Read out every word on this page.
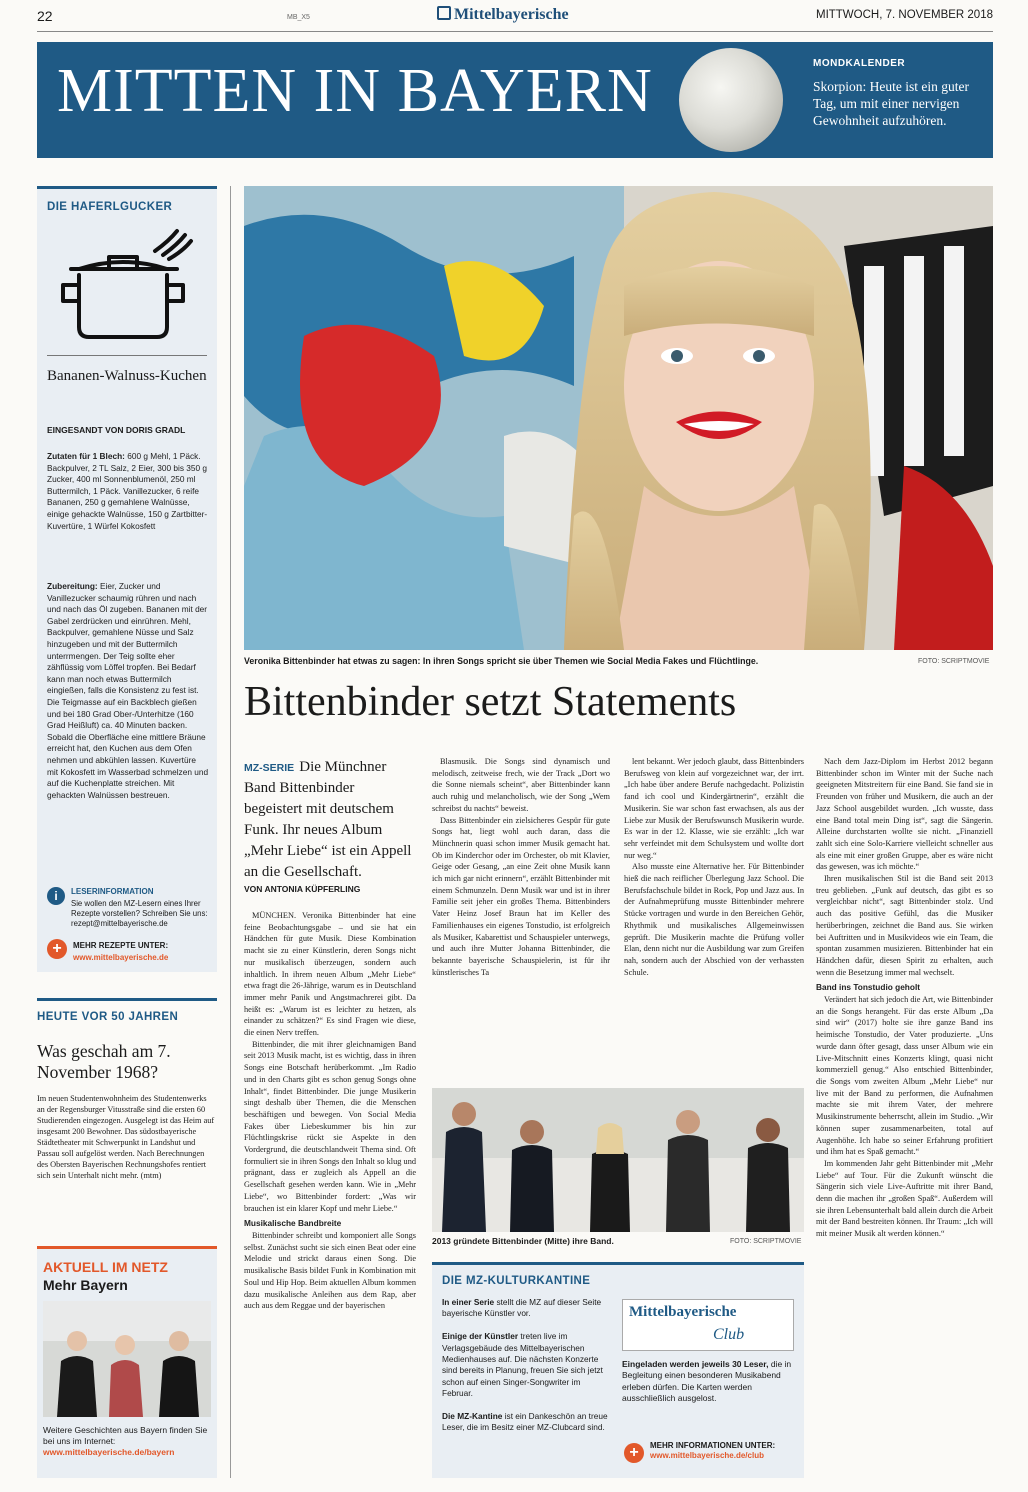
22	MB_X5	Mittelbayerische	MITTWOCH, 7. NOVEMBER 2018
MITTEN IN BAYERN	MONDKALENDER
Skorpion: Heute ist ein guter Tag, um mit einer nervigen Gewohnheit aufzuhören.
DIE HAFERLGUCKER
Bananen-Walnuss-Kuchen
EINGESANDT VON DORIS GRADL
Zutaten für 1 Blech: 600 g Mehl, 1 Päck. Backpulver, 2 TL Salz, 2 Eier, 300 bis 350 g Zucker, 400 ml Sonnenblumenöl, 250 ml Buttermilch, 1 Päck. Vanillezucker, 6 reife Bananen, 250 g gemahlene Walnüsse, einige gehackte Walnüsse, 150 g Zartbitter-Kuvertüre, 1 Würfel Kokosfett
Zubereitung: Eier, Zucker und Vanillezucker schaumig rühren und nach und nach das Öl zugeben. Bananen mit der Gabel zerdrücken und einrühren. Mehl, Backpulver, gemahlene Nüsse und Salz hinzugeben und mit der Buttermilch unterrmengen. Der Teig sollte eher zähflüssig vom Löffel tropfen. Bei Bedarf kann man noch etwas Buttermilch eingießen, falls die Konsistenz zu fest ist. Die Teigmasse auf ein Backblech gießen und bei 180 Grad Ober-/Unterhitze (160 Grad Heißluft) ca. 40 Minuten backen. Sobald die Oberfläche eine mittlere Bräune erreicht hat, den Kuchen aus dem Ofen nehmen und abkühlen lassen. Kuvertüre mit Kokosfett im Wasserbad schmelzen und auf die Kuchenplatte streichen. Mit gehackten Walnüssen bestreuen.
i	LESERINFORMATION
Sie wollen den MZ-Lesern eines Ihrer Rezepte vorstellen? Schreiben Sie uns: rezept@mittelbayerische.de
+	MEHR REZEPTE UNTER:
www.mittelbayerische.de
HEUTE VOR 50 JAHREN
Was geschah am 7. November 1968?
Im neuen Studentenwohnheim des Studentenwerks an der Regensburger Vitusstraße sind die ersten 60 Studierenden eingezogen. Ausgelegt ist das Heim auf insgesamt 200 Bewohner. Das südostbayerische Städtetheater mit Schwerpunkt in Landshut und Passau soll aufgelöst werden. Nach Berechnungen des Obersten Bayerischen Rechnungshofes rentiert sich sein Unterhalt nicht mehr. (mtm)
AKTUELL IM NETZ
Mehr Bayern
Weitere Geschichten aus Bayern finden Sie bei uns im Internet:
www.mittelbayerische.de/bayern
Veronika Bittenbinder hat etwas zu sagen: In ihren Songs spricht sie über Themen wie Social Media Fakes und Flüchtlinge.	FOTO: SCRIPTMOVIE
Bittenbinder setzt Statements
MZ-SERIE Die Münchner Band Bittenbinder begeistert mit deutschem Funk. Ihr neues Album „Mehr Liebe“ ist ein Appell an die Gesellschaft.
VON ANTONIA KÜPFERLING

MÜNCHEN. Veronika Bittenbinder hat eine feine Beobachtungsgabe – und sie hat ein Händchen für gute Musik. Diese Kombination macht sie zu einer Künstlerin, deren Songs nicht nur musikalisch überzeugen, sondern auch inhaltlich. In ihrem neuen Album „Mehr Liebe“ etwa fragt die 26-Jährige, warum es in Deutschland immer mehr Panik und Angstmachrerei gibt. Da heißt es: „Warum ist es leichter zu hetzen, als einander zu schätzen?“ Es sind Fragen wie diese, die einen Nerv treffen.

Bittenbinder, die mit ihrer gleichnamigen Band seit 2013 Musik macht, ist es wichtig, dass in ihren Songs eine Botschaft herüberkommt. „Im Radio und in den Charts gibt es schon genug Songs ohne Inhalt“, findet Bittenbinder. Die junge Musikerin singt deshalb über Themen, die die Menschen beschäftigen und bewegen. Von Social Media Fakes über Liebeskummer bis hin zur Flüchtlingskrise rückt sie Aspekte in den Vordergrund, die deutschlandweit Thema sind. Oft formuliert sie in ihren Songs den Inhalt so klug und prägnant, dass er zugleich als Appell an die Gesellschaft gesehen werden kann. Wie in „Mehr Liebe“, wo Bittenbinder fordert: „Was wir brauchen ist ein klarer Kopf und mehr Liebe.“

Musikalische Bandbreite

Bittenbinder schreibt und komponiert alle Songs selbst. Zunächst sucht sie sich einen Beat oder eine Melodie und strickt daraus einen Song. Die musikalische Basis bildet Funk in Kombination mit Soul und Hip Hop. Beim aktuellen Album kommen dazu musikalische Anleihen aus dem Rap, aber auch aus dem Reggae und der bayerischen

Blasmusik. Die Songs sind dynamisch und melodisch, zeitweise frech, wie der Track „Dort wo die Sonne niemals scheint“, aber Bittenbinder kann auch ruhig und melancholisch, wie der Song „Wem schreibst du nachts“ beweist.

Dass Bittenbinder ein zielsicheres Gespür für gute Songs hat, liegt wohl auch daran, dass die Münchnerin quasi schon immer Musik gemacht hat. Ob im Kinderchor oder im Orchester, ob mit Klavier, Geige oder Gesang, „an eine Zeit ohne Musik kann ich mich gar nicht erinnern“, erzählt Bittenbinder mit einem Schmunzeln. Denn Musik war und ist in ihrer Familie seit jeher ein großes Thema. Bittenbinders Vater Heinz Josef Braun hat im Keller des Familienhauses ein eigenes Tonstudio, ist erfolgreich als Musiker, Kabarettist und Schauspieler unterwegs, und auch ihre Mutter Johanna Bittenbinder, die bekannte bayerische Schauspielerin, ist für ihr künstlerisches Ta

lent bekannt. Wer jedoch glaubt, dass Bittenbinders Berufsweg von klein auf vorgezeichnet war, der irrt. „Ich habe über andere Berufe nachgedacht. Polizistin fand ich cool und Kindergärtnerin“, erzählt die Musikerin. Sie war schon fast erwachsen, als aus der Liebe zur Musik der Berufswunsch Musikerin wurde. Es war in der 12. Klasse, wie sie erzählt: „Ich war sehr verfeindet mit dem Schulsystem und wollte dort nur weg.“

Also musste eine Alternative her. Für Bittenbinder hieß die nach reiflicher Überlegung Jazz School. Die Berufsfachschule bildet in Rock, Pop und Jazz aus. In der Aufnahmeprüfung musste Bittenbinder mehrere Stücke vortragen und wurde in den Bereichen Gehör, Rhythmik und musikalisches Allgemeinwissen geprüft. Die Musikerin machte die Prüfung voller Elan, denn nicht nur die Ausbildung war zum Greifen nah, sondern auch der Abschied von der verhassten Schule.

Nach dem Jazz-Diplom im Herbst 2012 begann Bittenbinder schon im Winter mit der Suche nach geeigneten Mitstreitern für eine Band. Sie fand sie in Freunden von früher und Musikern, die auch an der Jazz School ausgebildet wurden. „Ich wusste, dass eine Band total mein Ding ist“, sagt die Sängerin. Alleine durchstarten wollte sie nicht. „Finanziell zahlt sich eine Solo-Karriere vielleicht schneller aus als eine mit einer großen Gruppe, aber es wäre nicht das gewesen, was ich möchte.“

Ihren musikalischen Stil ist die Band seit 2013 treu geblieben. „Funk auf deutsch, das gibt es so vergleichbar nicht“, sagt Bittenbinder stolz. Und auch das positive Gefühl, das die Musiker herüberbringen, zeichnet die Band aus. Sie wirken bei Auftritten und in Musikvideos wie ein Team, die spontan zusammen musizieren. Bittenbinder hat ein Händchen dafür, diesen Spirit zu erhalten, auch wenn die Besetzung immer mal wechselt.

Band ins Tonstudio geholt

Verändert hat sich jedoch die Art, wie Bittenbinder an die Songs herangeht. Für das erste Album „Da sind wir“ (2017) holte sie ihre ganze Band ins heimische Tonstudio, der Vater produzierte. „Uns wurde dann öfter gesagt, dass unser Album wie ein Live-Mitschnitt eines Konzerts klingt, quasi nicht kommerziell genug.“ Also entschied Bittenbinder, die Songs vom zweiten Album „Mehr Liebe“ nur live mit der Band zu performen, die Aufnahmen machte sie mit ihrem Vater, der mehrere Musikinstrumente beherrscht, allein im Studio. „Wir können super zusammenarbeiten, total auf Augenhöhe. Ich habe so seiner Erfahrung profitiert und ihm hat es Spaß gemacht.“

Im kommenden Jahr geht Bittenbinder mit „Mehr Liebe“ auf Tour. Für die Zukunft wünscht die Sängerin sich viele Live-Auftritte mit ihrer Band, denn die machen ihr „großen Spaß“. Außerdem will sie ihren Lebensunterhalt bald allein durch die Arbeit mit der Band bestreiten können. Ihr Traum: „Ich will mit meiner Musik alt werden können.“

2013 gründete Bittenbinder (Mitte) ihre Band.	FOTO: SCRIPTMOVIE
DIE MZ-KULTURKANTINE
In einer Serie stellt die MZ auf dieser Seite bayerische Künstler vor.

Einige der Künstler treten live im Verlagsgebäude des Mittelbayerischen Medienhauses auf. Die nächsten Konzerte sind bereits in Planung, freuen Sie sich jetzt schon auf einen Singer-Songwriter im Februar.

Die MZ-Kantine ist ein Dankeschön an treue Leser, die im Besitz einer MZ-Clubcard sind.
Mittelbayerische
Club
Eingeladen werden jeweils 30 Leser, die in Begleitung einen besonderen Musikabend erleben dürfen. Die Karten werden ausschließlich ausgelost.
+	MEHR INFORMATIONEN UNTER:
www.mittelbayerische.de/club
